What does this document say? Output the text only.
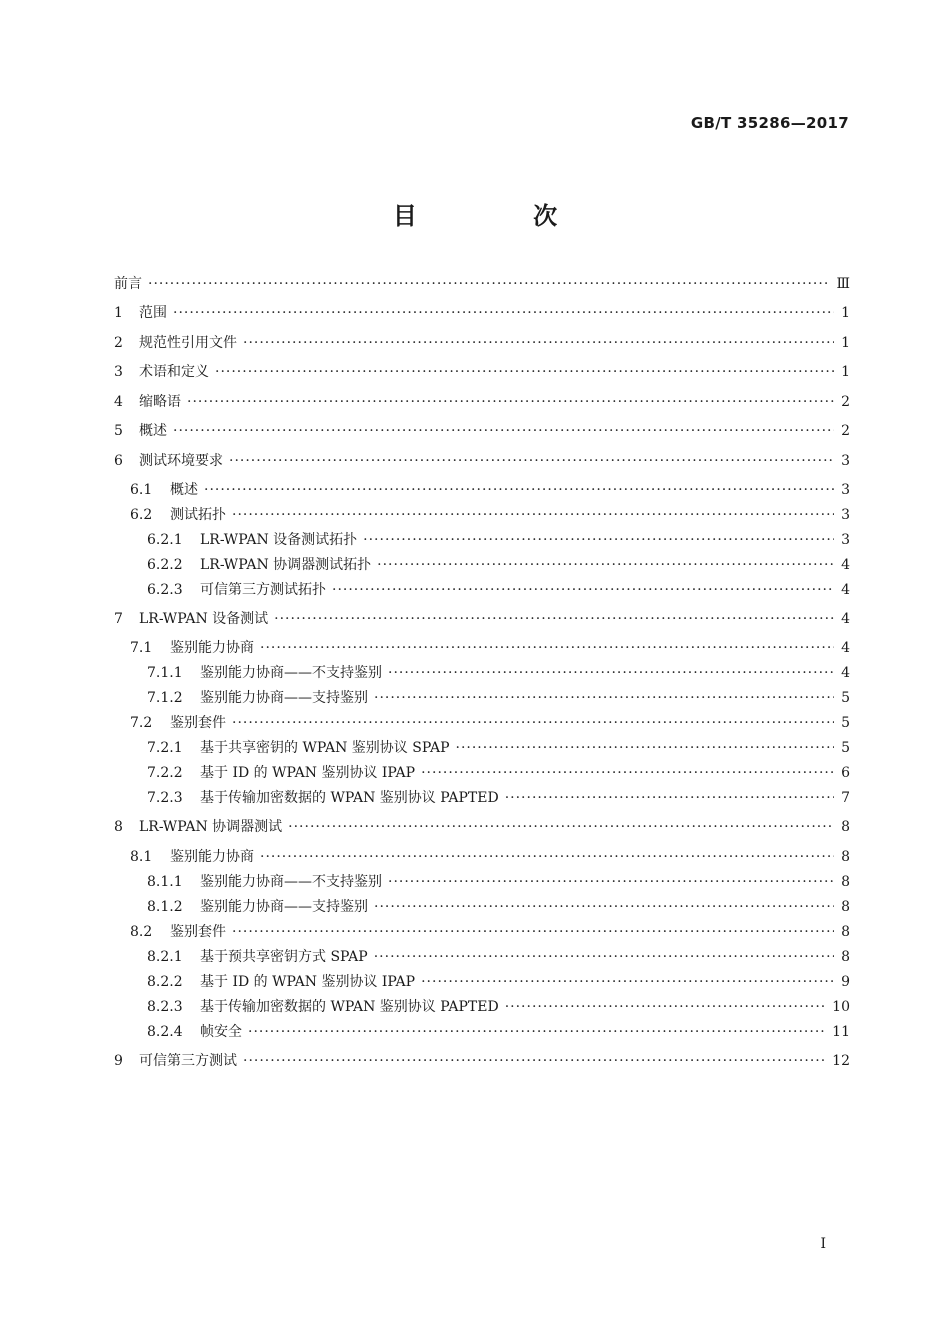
GB/T 35286—2017
目 次
前言 ·····	Ⅲ
1	范围 ·····	1
2	规范性引用文件 ·····	1
3	术语和定义 ·····	1
4	缩略语 ·····	2
5	概述 ·····	2
6	测试环境要求 ·····	3
6.1	概述 ·····	3
6.2	测试拓扑 ·····	3
6.2.1	LR-WPAN 设备测试拓扑 ·····	3
6.2.2	LR-WPAN 协调器测试拓扑 ·····	4
6.2.3	可信第三方测试拓扑 ·····	4
7	LR-WPAN 设备测试 ·····	4
7.1	鉴别能力协商 ·····	4
7.1.1	鉴别能力协商——不支持鉴别 ·····	4
7.1.2	鉴别能力协商——支持鉴别 ·····	5
7.2	鉴别套件 ·····	5
7.2.1	基于共享密钥的 WPAN 鉴别协议 SPAP ·····	5
7.2.2	基于 ID 的 WPAN 鉴别协议 IPAP ·····	6
7.2.3	基于传输加密数据的 WPAN 鉴别协议 PAPTED ·····	7
8	LR-WPAN 协调器测试 ·····	8
8.1	鉴别能力协商 ·····	8
8.1.1	鉴别能力协商——不支持鉴别 ·····	8
8.1.2	鉴别能力协商——支持鉴别 ·····	8
8.2	鉴别套件 ·····	8
8.2.1	基于预共享密钥方式 SPAP ·····	8
8.2.2	基于 ID 的 WPAN 鉴别协议 IPAP ·····	9
8.2.3	基于传输加密数据的 WPAN 鉴别协议 PAPTED ·····	10
8.2.4	帧安全 ·····	11
9	可信第三方测试 ·····	12
Ⅰ
